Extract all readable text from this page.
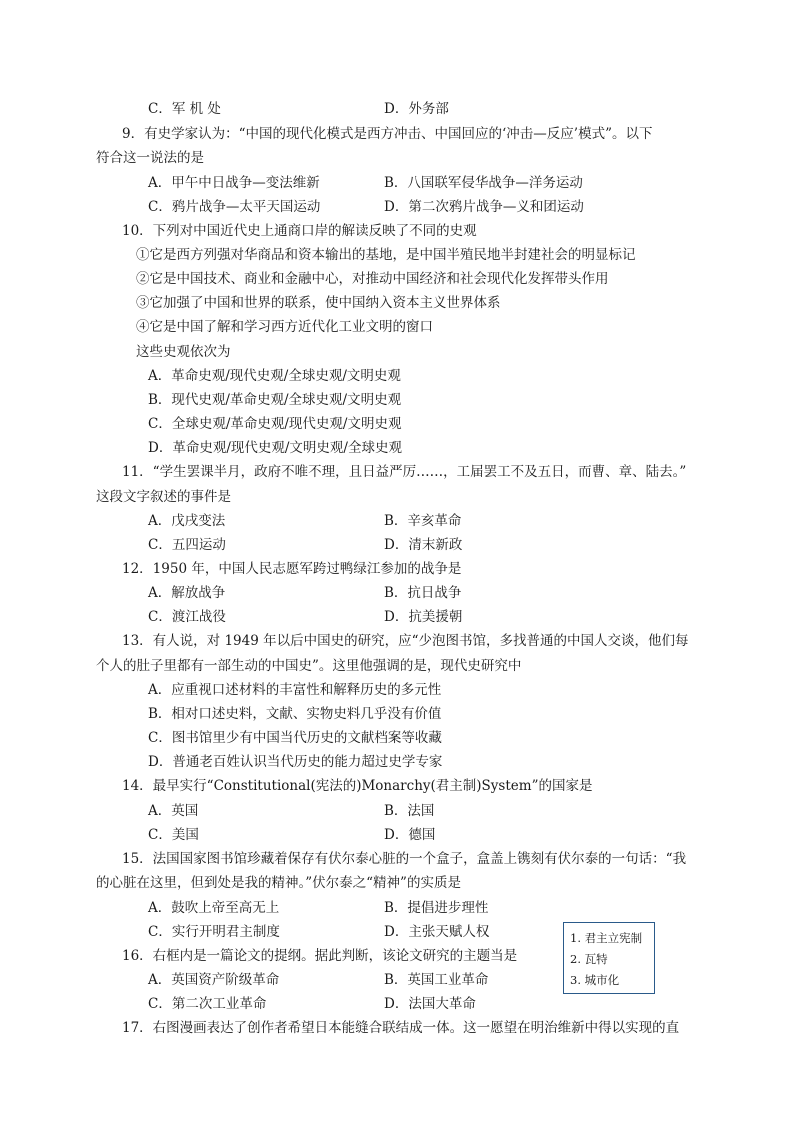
C．军 机 处	D．外务部
9．有史学家认为：“中国的现代化模式是西方冲击、中国回应的‘冲击—反应’模式”。以下
符合这一说法的是
A．甲午中日战争—变法维新	B．八国联军侵华战争—洋务运动
C．鸦片战争—太平天国运动	D．第二次鸦片战争—义和团运动
10．下列对中国近代史上通商口岸的解读反映了不同的史观
①它是西方列强对华商品和资本输出的基地，是中国半殖民地半封建社会的明显标记
②它是中国技术、商业和金融中心，对推动中国经济和社会现代化发挥带头作用
③它加强了中国和世界的联系，使中国纳入资本主义世界体系
④它是中国了解和学习西方近代化工业文明的窗口
这些史观依次为
A．革命史观/现代史观/全球史观/文明史观
B．现代史观/革命史观/全球史观/文明史观
C．全球史观/革命史观/现代史观/文明史观
D．革命史观/现代史观/文明史观/全球史观
11．“学生罢课半月，政府不唯不理，且日益严厉……，工届罢工不及五日，而曹、章、陆去。”
这段文字叙述的事件是
A．戊戌变法	B．辛亥革命
C．五四运动	D．清末新政
12．1950 年，中国人民志愿军跨过鸭绿江参加的战争是
A．解放战争	B．抗日战争
C．渡江战役	D．抗美援朝
13．有人说，对 1949 年以后中国史的研究，应“少泡图书馆，多找普通的中国人交谈，他们每
个人的肚子里都有一部生动的中国史”。这里他强调的是，现代史研究中
A．应重视口述材料的丰富性和解释历史的多元性
B．相对口述史料，文献、实物史料几乎没有价值
C．图书馆里少有中国当代历史的文献档案等收藏
D．普通老百姓认识当代历史的能力超过史学专家
14．最早实行“Constitutional(宪法的)Monarchy(君主制)System”的国家是
A．英国	B．法国
C．美国	D．德国
15．法国国家图书馆珍藏着保存有伏尔泰心脏的一个盒子，盒盖上镌刻有伏尔泰的一句话：“我
的心脏在这里，但到处是我的精神。”伏尔泰之“精神”的实质是
A．鼓吹上帝至高无上	B．提倡进步理性
C．实行开明君主制度	D．主张天赋人权
16．右框内是一篇论文的提纲。据此判断，该论文研究的主题当是
A．英国资产阶级革命	B．英国工业革命
C．第二次工业革命	D．法国大革命
1. 君主立宪制
2. 瓦特
3. 城市化
17．右图漫画表达了创作者希望日本能缝合联结成一体。这一愿望在明治维新中得以实现的直
